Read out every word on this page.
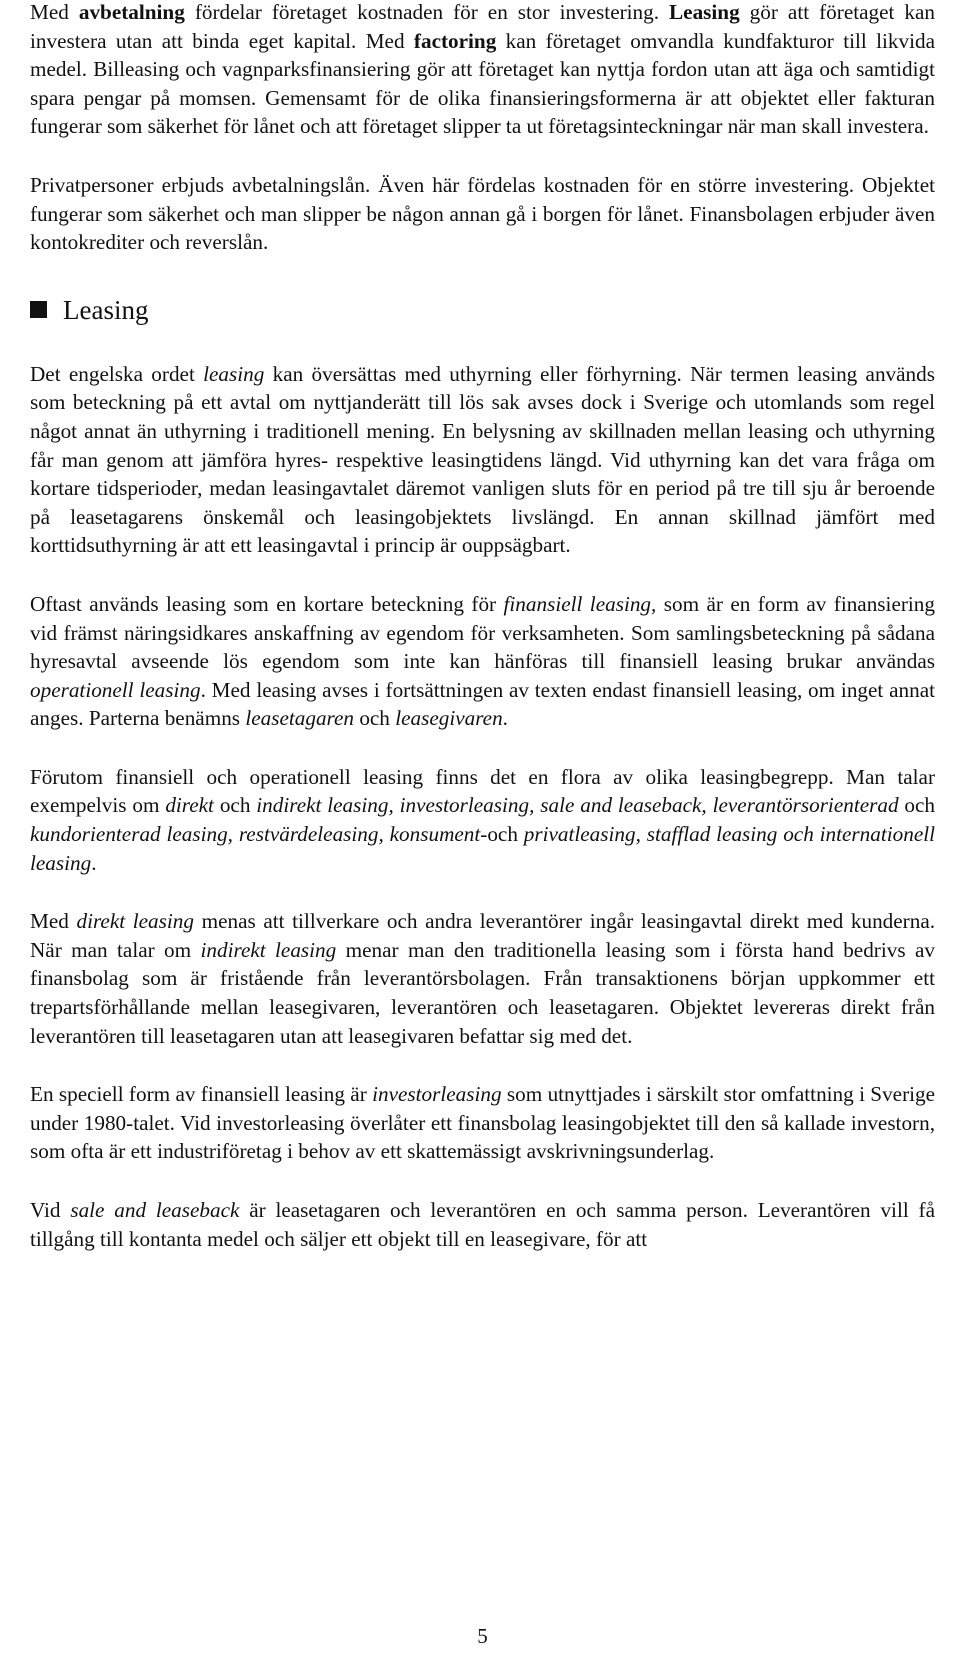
Med avbetalning fördelar företaget kostnaden för en stor investering. Leasing gör att företaget kan investera utan att binda eget kapital. Med factoring kan företaget omvandla kundfakturor till likvida medel. Billeasing och vagnparksfinansiering gör att företaget kan nyttja fordon utan att äga och samtidigt spara pengar på momsen. Gemensamt för de olika finansieringsformerna är att objektet eller fakturan fungerar som säkerhet för lånet och att företaget slipper ta ut företagsinteckningar när man skall investera.

Privatpersoner erbjuds avbetalningslån. Även här fördelas kostnaden för en större investering. Objektet fungerar som säkerhet och man slipper be någon annan gå i borgen för lånet. Finansbolagen erbjuder även kontokrediter och reverslån.

Leasing

Det engelska ordet leasing kan översättas med uthyrning eller förhyrning. När termen leasing används som beteckning på ett avtal om nyttjanderätt till lös sak avses dock i Sverige och utomlands som regel något annat än uthyrning i traditionell mening. En belysning av skillnaden mellan leasing och uthyrning får man genom att jämföra hyres- respektive leasingtidens längd. Vid uthyrning kan det vara fråga om kortare tidsperioder, medan leasingavtalet däremot vanligen sluts för en period på tre till sju år beroende på leasetagarens önskemål och leasingobjektets livslängd. En annan skillnad jämfört med korttidsuthyrning är att ett leasingavtal i princip är ouppsägbart.

Oftast används leasing som en kortare beteckning för finansiell leasing, som är en form av finansiering vid främst näringsidkares anskaffning av egendom för verksamheten. Som samlingsbeteckning på sådana hyresavtal avseende lös egendom som inte kan hänföras till finansiell leasing brukar användas operationell leasing. Med leasing avses i fortsättningen av texten endast finansiell leasing, om inget annat anges. Parterna benämns leasetagaren och leasegivaren.

Förutom finansiell och operationell leasing finns det en flora av olika leasingbegrepp. Man talar exempelvis om direkt och indirekt leasing, investorleasing, sale and leaseback, leverantörsorienterad och kundorienterad leasing, restvärdeleasing, konsument-och privatleasing, stafflad leasing och internationell leasing.

Med direkt leasing menas att tillverkare och andra leverantörer ingår leasingavtal direkt med kunderna. När man talar om indirekt leasing menar man den traditionella leasing som i första hand bedrivs av finansbolag som är fristående från leverantörsbolagen. Från transaktionens början uppkommer ett trepartsförhållande mellan leasegivaren, leverantören och leasetagaren. Objektet levereras direkt från leverantören till leasetagaren utan att leasegivaren befattar sig med det.

En speciell form av finansiell leasing är investorleasing som utnyttjades i särskilt stor omfattning i Sverige under 1980-talet. Vid investorleasing överlåter ett finansbolag leasingobjektet till den så kallade investorn, som ofta är ett industriföretag i behov av ett skattemässigt avskrivningsunderlag.

Vid sale and leaseback är leasetagaren och leverantören en och samma person. Leverantören vill få tillgång till kontanta medel och säljer ett objekt till en leasegivare, för att

5
